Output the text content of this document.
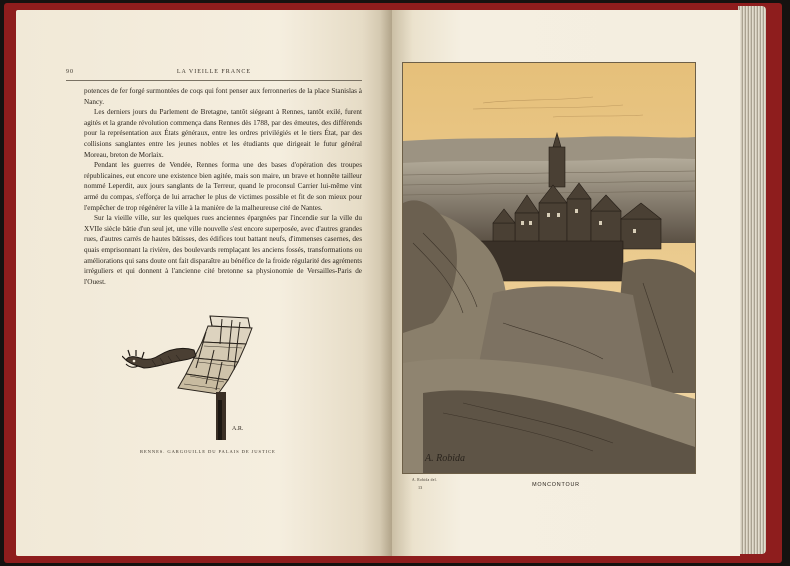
90	LA VIEILLE FRANCE

potences de fer forgé surmontées de coqs qui font penser aux ferronneries de la place Stanislas à Nancy.

Les derniers jours du Parlement de Bretagne, tantôt siégeant à Rennes, tantôt exilé, furent agités et la grande révolution commença dans Rennes dès 1788, par des émeutes, des différends pour la représentation aux États généraux, entre les ordres privilégiés et le tiers État, par des collisions sanglantes entre les jeunes nobles et les étudiants que dirigeait le futur général Moreau, breton de Morlaix.

Pendant les guerres de Vendée, Rennes forma une des bases d'opération des troupes républicaines, eut encore une existence bien agitée, mais son maire, un brave et honnête tailleur nommé Leperdit, aux jours sanglants de la Terreur, quand le proconsul Carrier lui-même vint armé du compas, s'efforça de lui arracher le plus de victimes possible et fit de son mieux pour l'empêcher de trop régénérer la ville à la manière de la malheureuse cité de Nantes.

Sur la vieille ville, sur les quelques rues anciennes épargnées par l'incendie sur la ville du XVIIe siècle bâtie d'un seul jet, une ville nouvelle s'est encore superposée, avec d'autres grandes rues, d'autres carrés de hautes bâtisses, des édifices tout battant neufs, d'immenses casernes, des quais emprisonnant la rivière, des boulevards remplaçant les anciens fossés, transformations ou améliorations qui sans doute ont fait disparaître au bénéfice de la froide régularité des agréments irréguliers et qui donnent à l'ancienne cité bretonne sa physionomie de Versailles-Paris de l'Ouest.

A.R.
RENNES. GARGOUILLE DU PALAIS DE JUSTICE
A. Robida
A. Robida del.
13	MONCONTOUR
